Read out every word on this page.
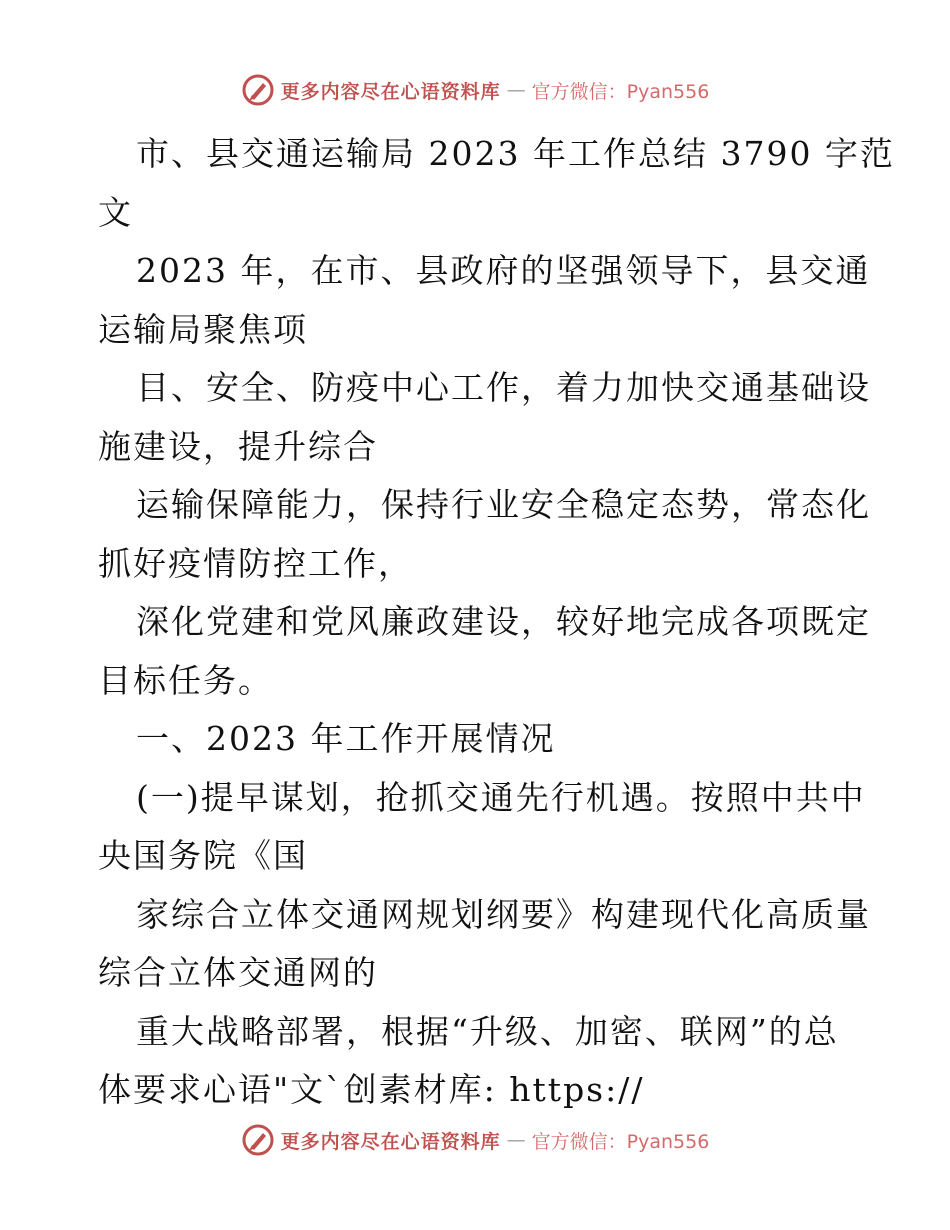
更多内容尽在心语资料库 — 官方微信：Pyan556
市、县交通运输局 2023 年工作总结 3790 字范
文
2023 年，在市、县政府的坚强领导下，县交通
运输局聚焦项
目、安全、防疫中心工作，着力加快交通基础设
施建设，提升综合
运输保障能力，保持行业安全稳定态势，常态化
抓好疫情防控工作，
深化党建和党风廉政建设，较好地完成各项既定
目标任务。
一、2023 年工作开展情况
(一)提早谋划，抢抓交通先行机遇。按照中共中
央国务院《国
家综合立体交通网规划纲要》构建现代化高质量
综合立体交通网的
重大战略部署，根据“升级、加密、联网”的总
体要求心语"文`创素材库: https://
更多内容尽在心语资料库 — 官方微信：Pyan556
